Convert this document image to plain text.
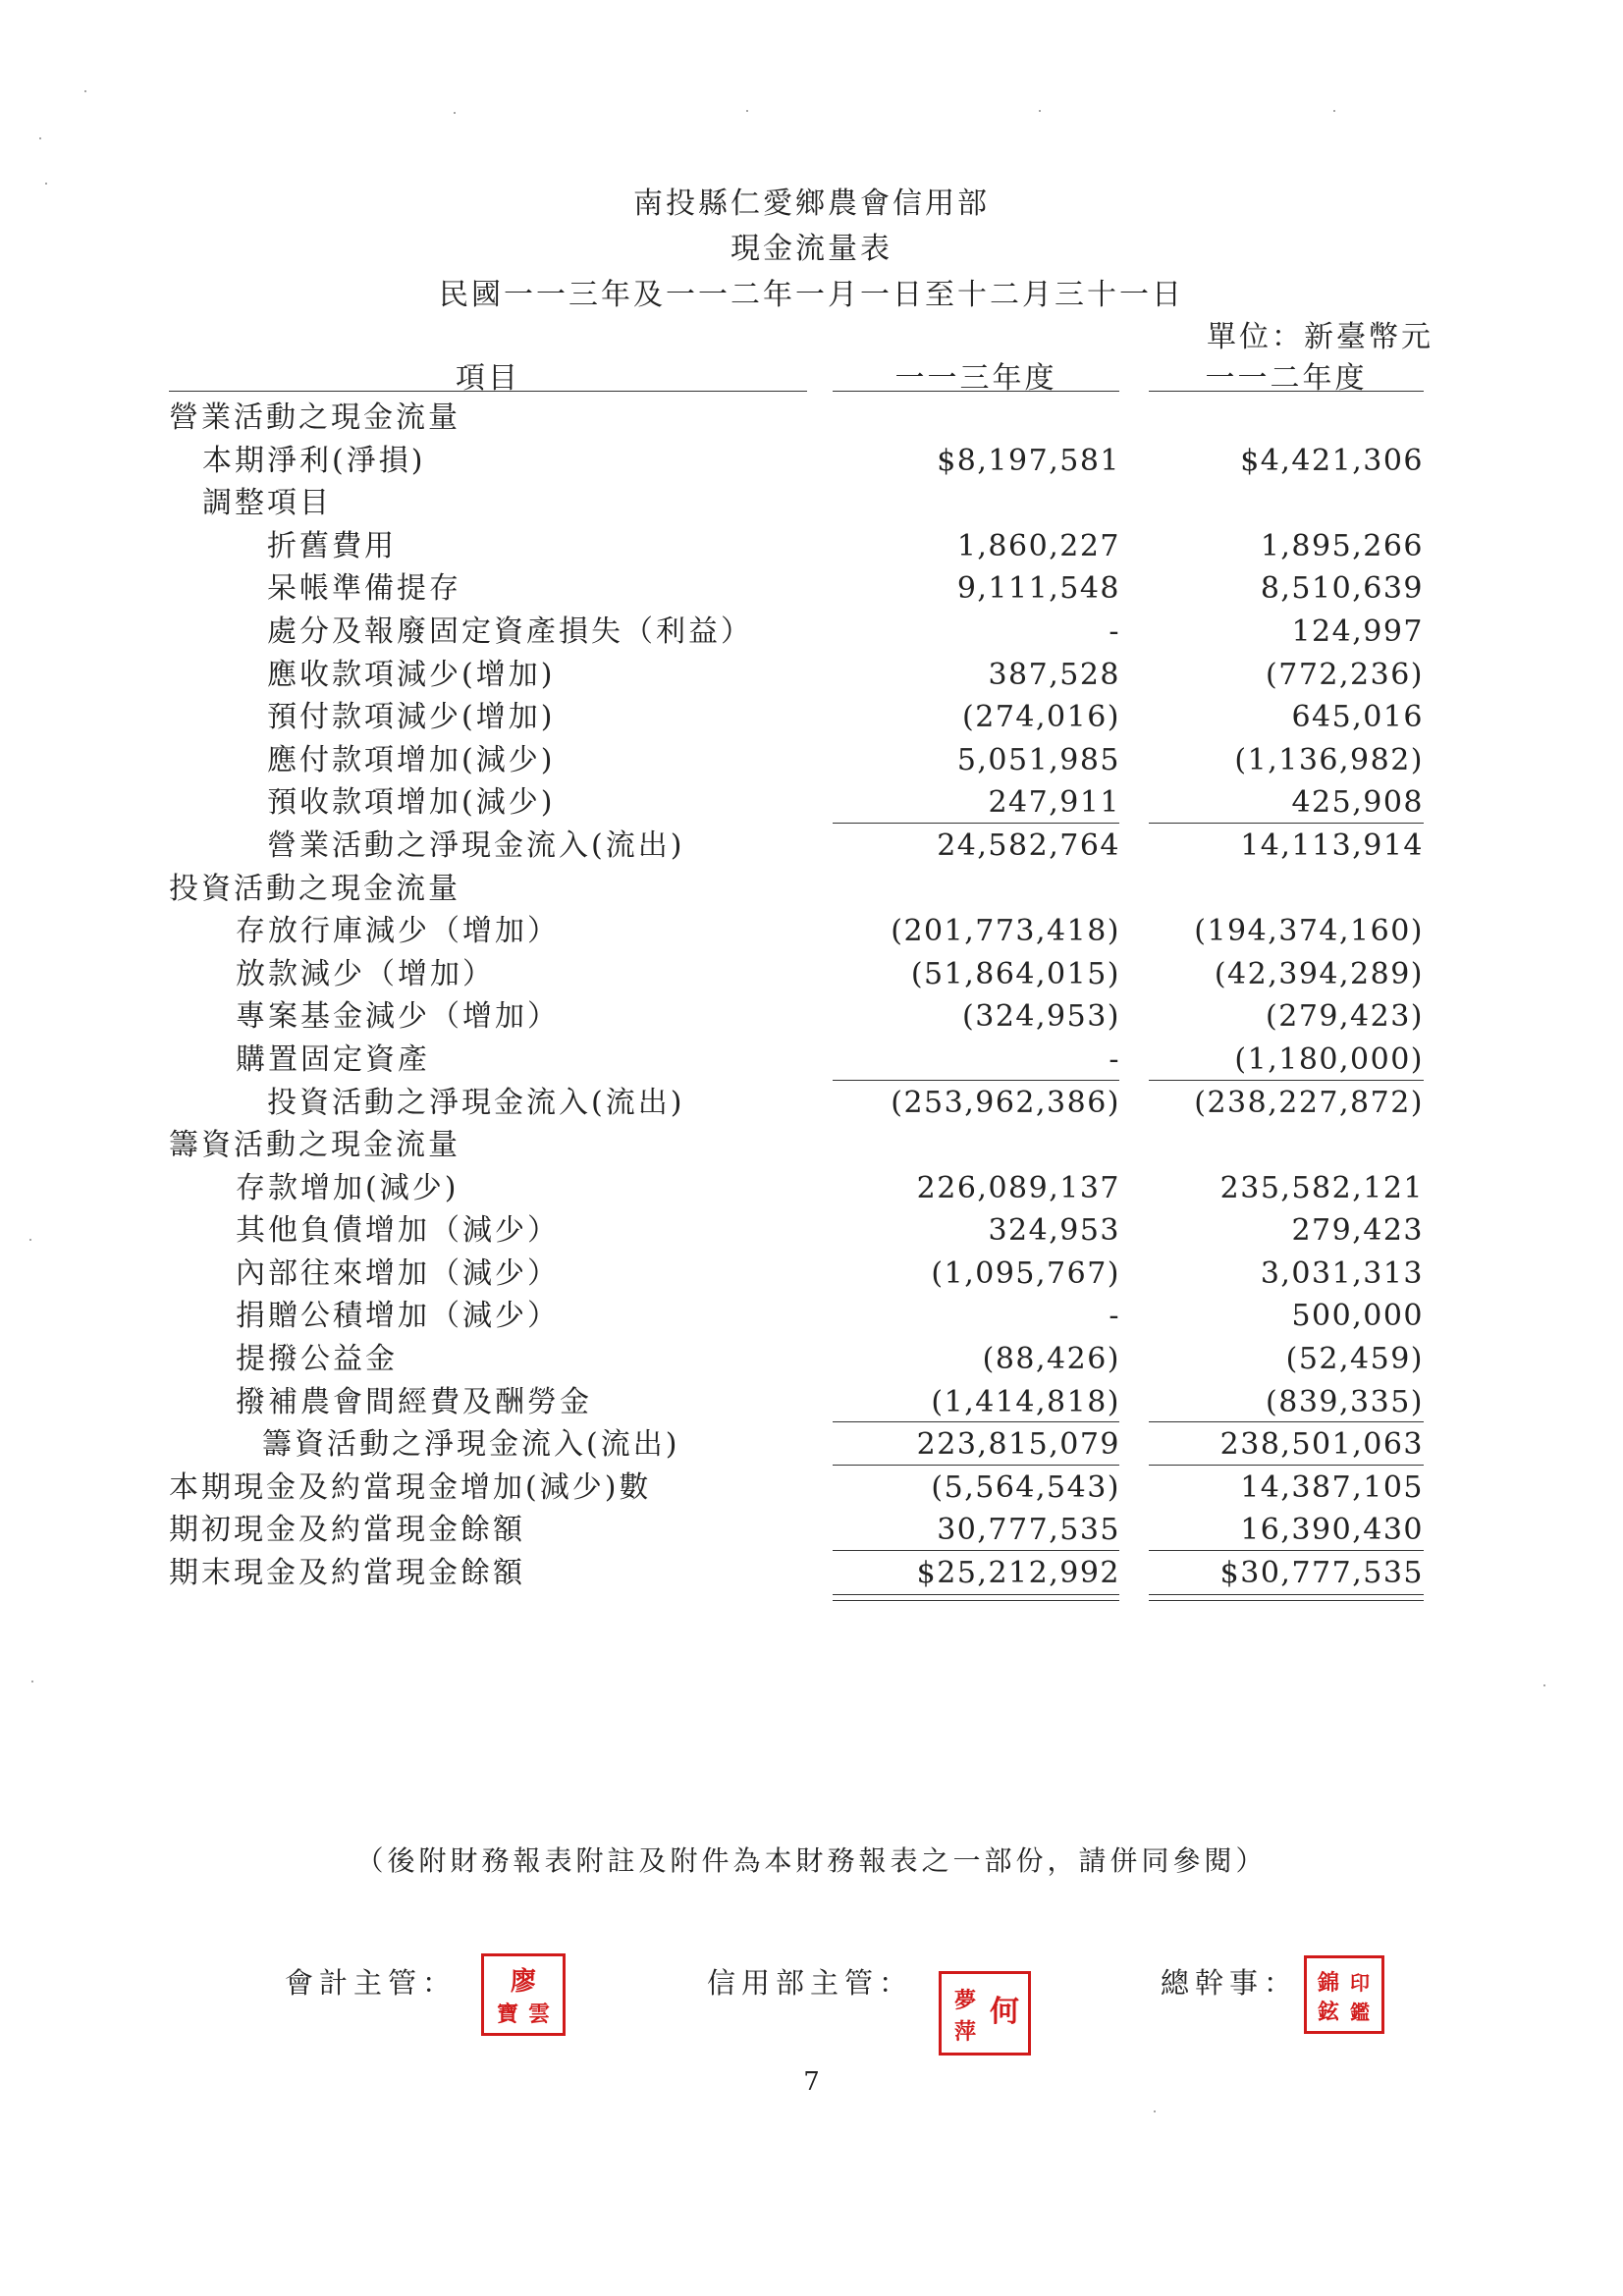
南投縣仁愛鄉農會信用部
現金流量表
民國一一三年及一一二年一月一日至十二月三十一日
單位：新臺幣元
項目	一一三年度	一一二年度
營業活動之現金流量
本期淨利(淨損)	$8,197,581	$4,421,306
調整項目
折舊費用	1,860,227	1,895,266
呆帳準備提存	9,111,548	8,510,639
處分及報廢固定資產損失（利益）	-	124,997
應收款項減少(增加)	387,528	(772,236)
預付款項減少(增加)	(274,016)	645,016
應付款項增加(減少)	5,051,985	(1,136,982)
預收款項增加(減少)	247,911	425,908
營業活動之淨現金流入(流出)	24,582,764	14,113,914
投資活動之現金流量
存放行庫減少（增加）	(201,773,418)	(194,374,160)
放款減少（增加）	(51,864,015)	(42,394,289)
專案基金減少（增加）	(324,953)	(279,423)
購置固定資產	-	(1,180,000)
投資活動之淨現金流入(流出)	(253,962,386)	(238,227,872)
籌資活動之現金流量
存款增加(減少)	226,089,137	235,582,121
其他負債增加（減少）	324,953	279,423
內部往來增加（減少）	(1,095,767)	3,031,313
捐贈公積增加（減少）	-	500,000
提撥公益金	(88,426)	(52,459)
撥補農會間經費及酬勞金	(1,414,818)	(839,335)
籌資活動之淨現金流入(流出)	223,815,079	238,501,063
本期現金及約當現金增加(減少)數	(5,564,543)	14,387,105
期初現金及約當現金餘額	30,777,535	16,390,430
期末現金及約當現金餘額	$25,212,992	$30,777,535
（後附財務報表附註及附件為本財務報表之一部份，請併同參閱）
會計主管： 廖
寶 雲
信用部主管：
何
夢
萍
總幹事： 錦
鉉
印
鑑
7
